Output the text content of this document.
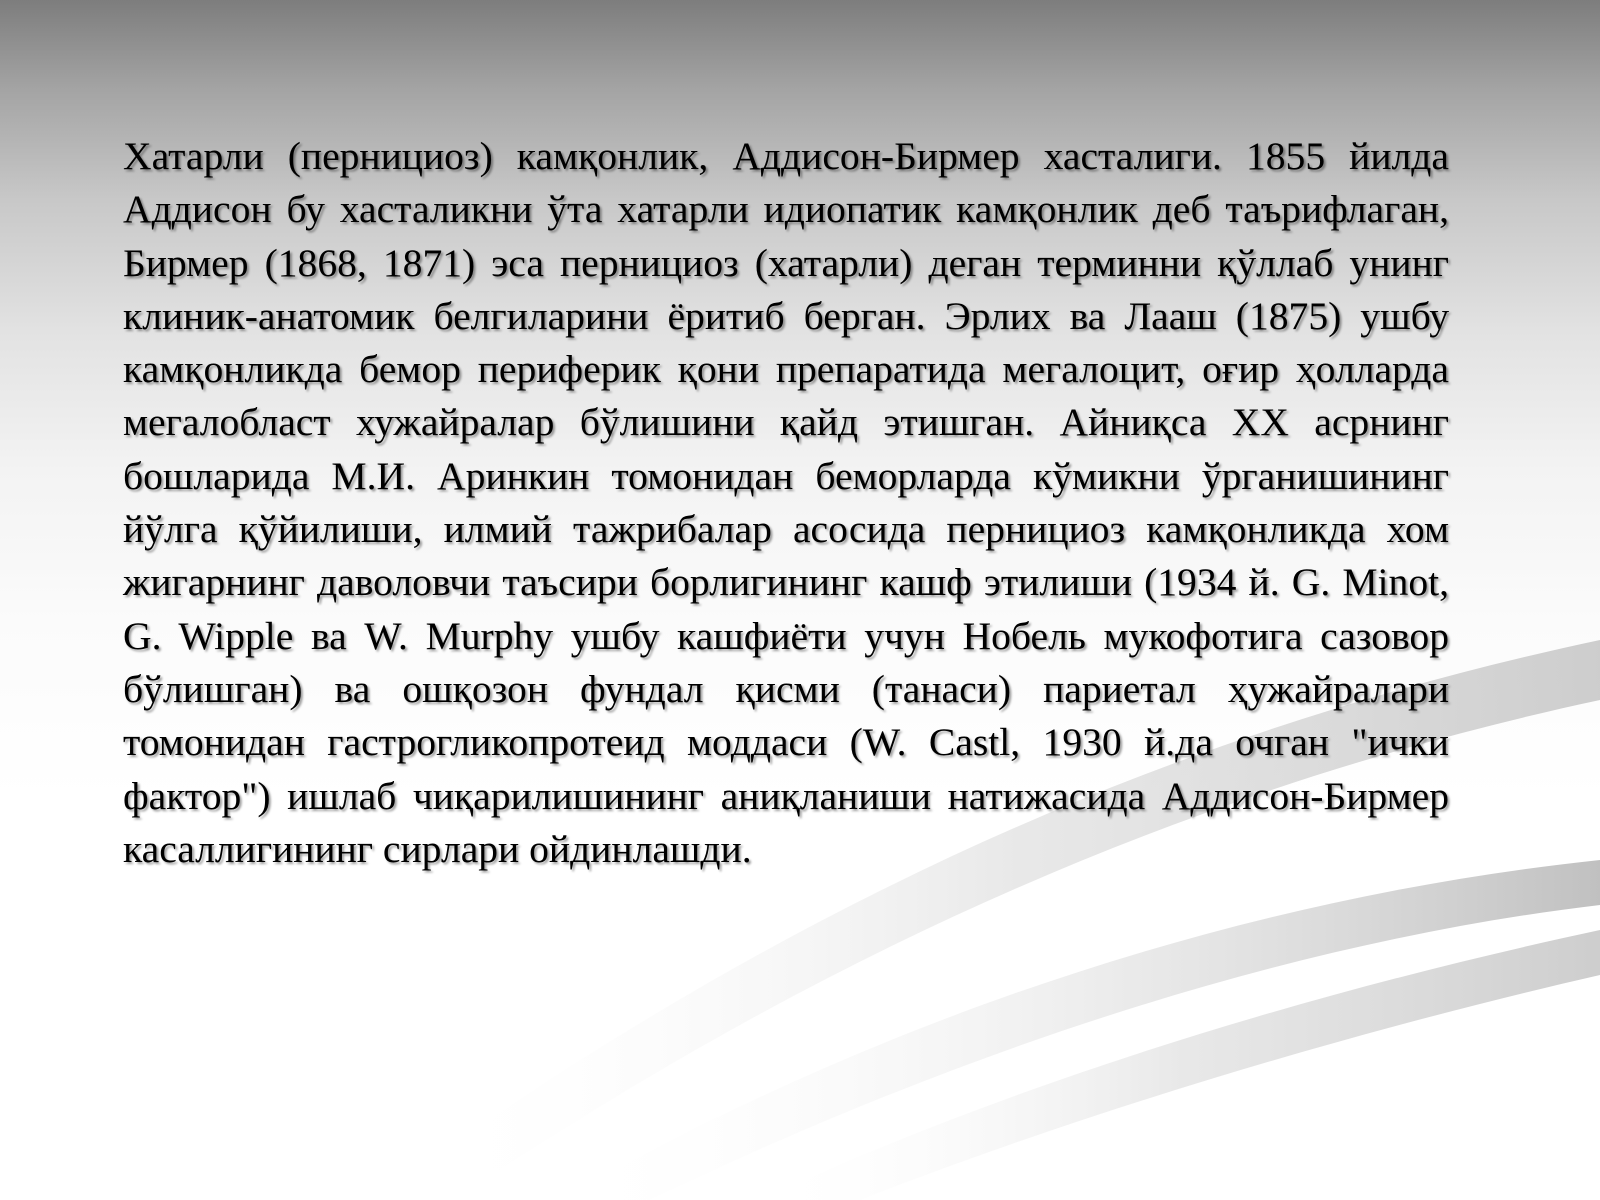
Хатарли (пернициоз) камқонлик, Аддисон-Бирмер хасталиги. 1855 йилда Аддисон бу хасталикни ўта хатарли идиопатик камқонлик деб таърифлаган, Бирмер (1868, 1871) эса пернициоз (хатарли) деган терминни қўллаб унинг клиник-анатомик белгиларини ёритиб берган. Эрлих ва Лааш (1875) ушбу камқонликда бемор периферик қони препаратида мегалоцит, оғир ҳолларда мегалобласт хужайралар бўлишини қайд этишган. Айниқса XX асрнинг бошларида М.И. Аринкин томонидан беморларда кўмикни ўрганишининг йўлга қўйилиши, илмий тажрибалар асосида пернициоз камқонликда хом жигарнинг даволовчи таъсири борлигининг кашф этилиши (1934 й. G. Minot, G. Wipple ва W. Murphy ушбу кашфиёти учун Нобель мукофотига сазовор бўлишган) ва ошқозон фундал қисми (танаси) париетал ҳужайралари томонидан гастрогликопротеид моддаси (W. Castl, 1930 й.да очган "ички фактор") ишлаб чиқарилишининг аниқланиши натижасида Аддисон-Бирмер касаллигининг сирлари ойдинлашди.
